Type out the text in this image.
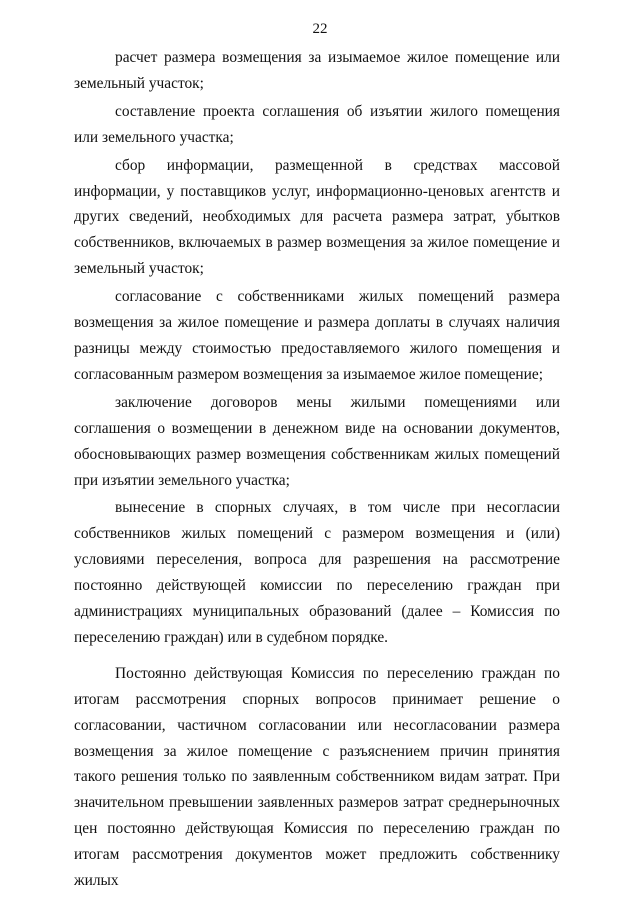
22

расчет размера возмещения за изымаемое жилое помещение или земельный участок;

составление проекта соглашения об изъятии жилого помещения или земельного участка;

сбор информации, размещенной в средствах массовой информации, у поставщиков услуг, информационно-ценовых агентств и других сведений, необходимых для расчета размера затрат, убытков собственников, включаемых в размер возмещения за жилое помещение и земельный участок;

согласование с собственниками жилых помещений размера возмещения за жилое помещение и размера доплаты в случаях наличия разницы между стоимостью предоставляемого жилого помещения и согласованным размером возмещения за изымаемое жилое помещение;

заключение договоров мены жилыми помещениями или соглашения о возмещении в денежном виде на основании документов, обосновывающих размер возмещения собственникам жилых помещений при изъятии земельного участка;

вынесение в спорных случаях, в том числе при несогласии собственников жилых помещений с размером возмещения и (или) условиями переселения, вопроса для разрешения на рассмотрение постоянно действующей комиссии по переселению граждан при администрациях муниципальных образований (далее – Комиссия по переселению граждан) или в судебном порядке.

Постоянно действующая Комиссия по переселению граждан по итогам рассмотрения спорных вопросов принимает решение о согласовании, частичном согласовании или несогласовании размера возмещения за жилое помещение с разъяснением причин принятия такого решения только по заявленным собственником видам затрат. При значительном превышении заявленных размеров затрат среднерыночных цен постоянно действующая Комиссия по переселению граждан по итогам рассмотрения документов может предложить собственнику жилых
